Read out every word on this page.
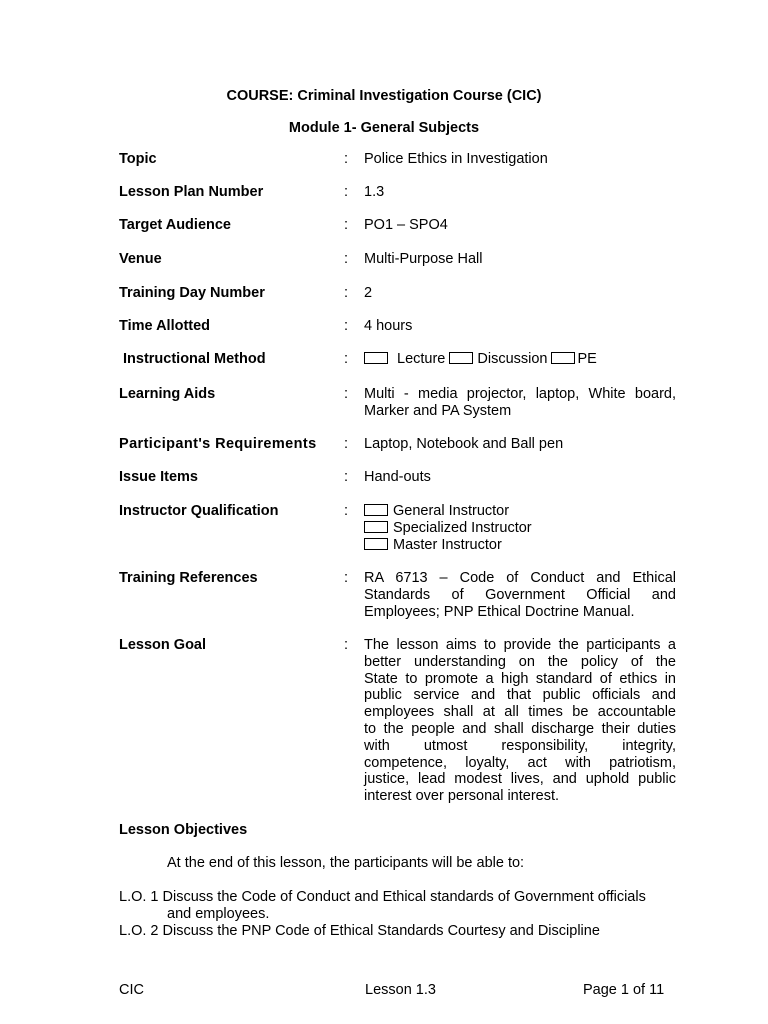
COURSE: Criminal Investigation Course (CIC)
Module 1- General Subjects
Topic	: Police Ethics in Investigation
Lesson Plan Number	: 1.3
Target Audience	: PO1 – SPO4
Venue	: Multi-Purpose Hall
Training Day Number	: 2
Time Allotted	: 4 hours
Instructional Method	:	Lecture Discussion PE
Learning Aids	: Multi - media projector, laptop, White board,
Marker and PA System
Participant's Requirements : Laptop, Notebook and Ball pen
Issue Items	: Hand-outs
Instructor Qualification	:	General Instructor
Specialized Instructor
Master Instructor
Training References	: RA 6713 – Code of Conduct and Ethical
Standards of Government Official and
Employees; PNP Ethical Doctrine Manual.
Lesson Goal	: The lesson aims to provide the participants a
better understanding on the policy of the
State to promote a high standard of ethics in
public service and that public officials and
employees shall at all times be accountable
to the people and shall discharge their duties
with utmost responsibility, integrity,
competence, loyalty, act with patriotism,
justice, lead modest lives, and uphold public
interest over personal interest.
Lesson Objectives
At the end of this lesson, the participants will be able to:
L.O. 1 Discuss the Code of Conduct and Ethical standards of Government officials
and employees.
L.O. 2 Discuss the PNP Code of Ethical Standards Courtesy and Discipline
CIC	Lesson 1.3	Page 1 of 11
